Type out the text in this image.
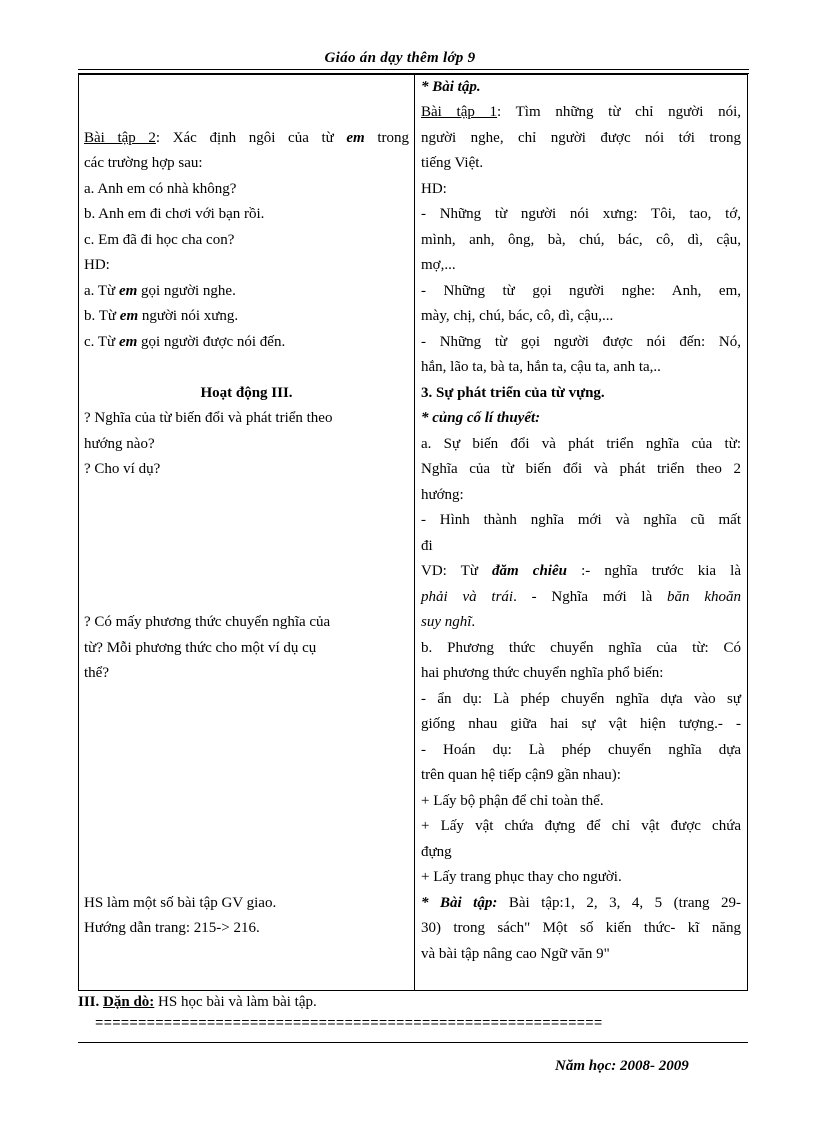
Giáo án dạy thêm lớp 9
Bài tập 2: Xác định ngôi của từ em trong
các trường hợp sau:
a. Anh em có nhà không?
b. Anh em đi chơi với bạn rồi.
c. Em đã đi học cha con?
HD:
a. Từ em gọi người nghe.
b. Từ em người nói xưng.
c. Từ em gọi người được nói đến.
Hoạt động III.
? Nghĩa của từ biến đổi và phát triển theo
hướng nào?
? Cho ví dụ?
? Có mấy phương thức chuyển nghĩa của
từ? Mỗi phương thức cho một ví dụ cụ
thể?
HS làm một số bài tập GV giao.
Hướng dẫn trang: 215-> 216.
* Bài tập.
Bài tập 1: Tìm những từ chỉ người nói,
người nghe, chỉ người được nói tới trong
tiếng Việt.
HD:
- Những từ người nói xưng: Tôi, tao, tớ,
mình, anh, ông, bà, chú, bác, cô, dì, cậu,
mợ,...
- Những từ gọi người nghe: Anh, em,
mày, chị, chú, bác, cô, dì, cậu,...
- Những từ gọi người được nói đến: Nó,
hắn, lão ta, bà ta, hắn ta, cậu ta, anh ta,..
3. Sự phát triển của từ vựng.
* củng cố lí thuyết:
a. Sự biến đổi và phát triển nghĩa của từ:
Nghĩa của từ biến đổi và phát triển theo 2
hướng:
- Hình thành nghĩa mới và nghĩa cũ mất
đi
VD: Từ đăm chiêu :- nghĩa trước kia là
phải và trái. - Nghĩa mới là băn khoăn
suy nghĩ.
b. Phương thức chuyển nghĩa của từ: Có
hai phương thức chuyển nghĩa phổ biến:
- ẩn dụ: Là phép chuyển nghĩa dựa vào sự
giống nhau giữa hai sự vật hiện tượng.- -
- Hoán dụ: Là phép chuyển nghĩa dựa
trên quan hệ tiếp cận9 gần nhau):
+ Lấy bộ phận để chỉ toàn thể.
+ Lấy vật chứa đựng để chỉ vật được chứa
đựng
+ Lấy trang phục thay cho người.
* Bài tập: Bài tập:1, 2, 3, 4, 5 (trang 29-
30) trong sách" Một số kiến thức- kĩ năng
và bài tập nâng cao Ngữ văn 9"
III. Dặn dò: HS học bài và làm bài tập.
===========================================================
Năm học: 2008- 2009
